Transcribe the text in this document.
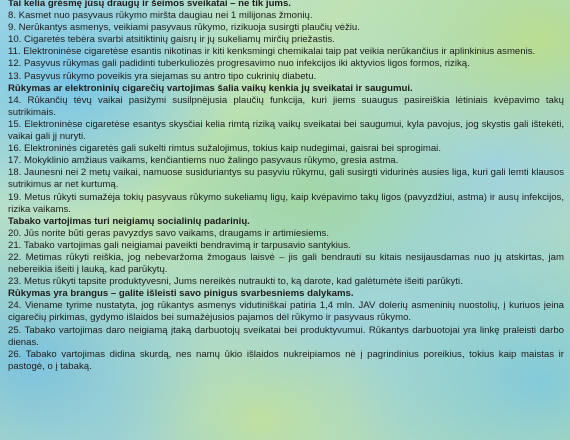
Tai kelia grėsmę jūsų draugų ir šeimos sveikatai – ne tik jums.

8. Kasmet nuo pasyvaus rūkymo miršta daugiau nei 1 milijonas žmonių.

9. Nerūkantys asmenys, veikiami pasyvaus rūkymo, rizikuoja susirgti plaučių vėžiu.

10. Cigaretės tebėra svarbi atsitiktinių gaisrų ir jų sukeliamų mirčių priežastis.

11. Elektroninėse cigaretėse esantis nikotinas ir kiti kenksmingi chemikalai taip pat veikia nerūkančius ir aplinkinius asmenis.

12. Pasyvus rūkymas gali padidinti tuberkuliozės progresavimo nuo infekcijos iki aktyvios ligos formos, riziką.

13. Pasyvus rūkymo poveikis yra siejamas su antro tipo cukrinių diabetu.

Rūkymas ar elektroninių cigarečių vartojimas šalia vaikų kenkia jų sveikatai ir saugumui.

14. Rūkančių tėvų vaikai pasižymi susilpnėjusia plaučių funkcija, kuri jiems suaugus pasireiškia lėtiniais kvėpavimo takų sutrikimais.

15. Elektroninėse cigaretėse esantys skysčiai kelia rimtą riziką vaikų sveikatai bei saugumui, kyla pavojus, jog skystis gali ištekėti, vaikai gali jį nuryti.

16. Elektroninės cigaretės gali sukelti rimtus sužalojimus, tokius kaip nudegimai, gaisrai bei sprogimai.

17. Mokyklinio amžiaus vaikams, kenčiantiems nuo žalingo pasyvaus rūkymo, gresia astma.

18. Jaunesni nei 2 metų vaikai, namuose susiduriantys su pasyviu rūkymu, gali susirgti vidurinės ausies liga, kuri gali lemti klausos sutrikimus ar net kurtumą.

19. Metus rūkyti sumažėja tokių pasyvaus rūkymo sukeliamų ligų, kaip kvėpavimo takų ligos (pavyzdžiui, astma) ir ausų infekcijos, rizika vaikams.

Tabako vartojimas turi neigiamų socialinių padarinių.

20. Jūs norite būti geras pavyzdys savo vaikams, draugams ir artimiesiems.

21. Tabako vartojimas gali neigiamai paveikti bendravimą ir tarpusavio santykius.

22. Metimas rūkyti reiškia, jog nebevaržoma žmogaus laisvė – jis gali bendrauti su kitais nesijausdamas nuo jų atskirtas, jam nebereikia išeiti į lauką, kad parūkytų.

23. Metus rūkyti tapsite produktyvesni, Jums nereikės nutraukti to, ką darote, kad galėtumėte išeiti parūkyti.

Rūkymas yra brangus – galite išleisti savo pinigus svarbesniems dalykams.

24. Viename tyrime nustatyta, jog rūkantys asmenys vidutiniškai patiria 1,4 mln. JAV dolerių asmeninių nuostolių, į kuriuos įeina cigarečių pirkimas, gydymo išlaidos bei sumažėjusios pajamos dėl rūkymo ir pasyvaus rūkymo.

25. Tabako vartojimas daro neigiamą įtaką darbuotojų sveikatai bei produktyvumui. Rūkantys darbuotojai yra linkę praleisti darbo dienas.

26. Tabako vartojimas didina skurdą, nes namų ūkio išlaidos nukreipiamos nė į pagrindinius poreikius, tokius kaip maistas ir pastogė, o į tabaką.
